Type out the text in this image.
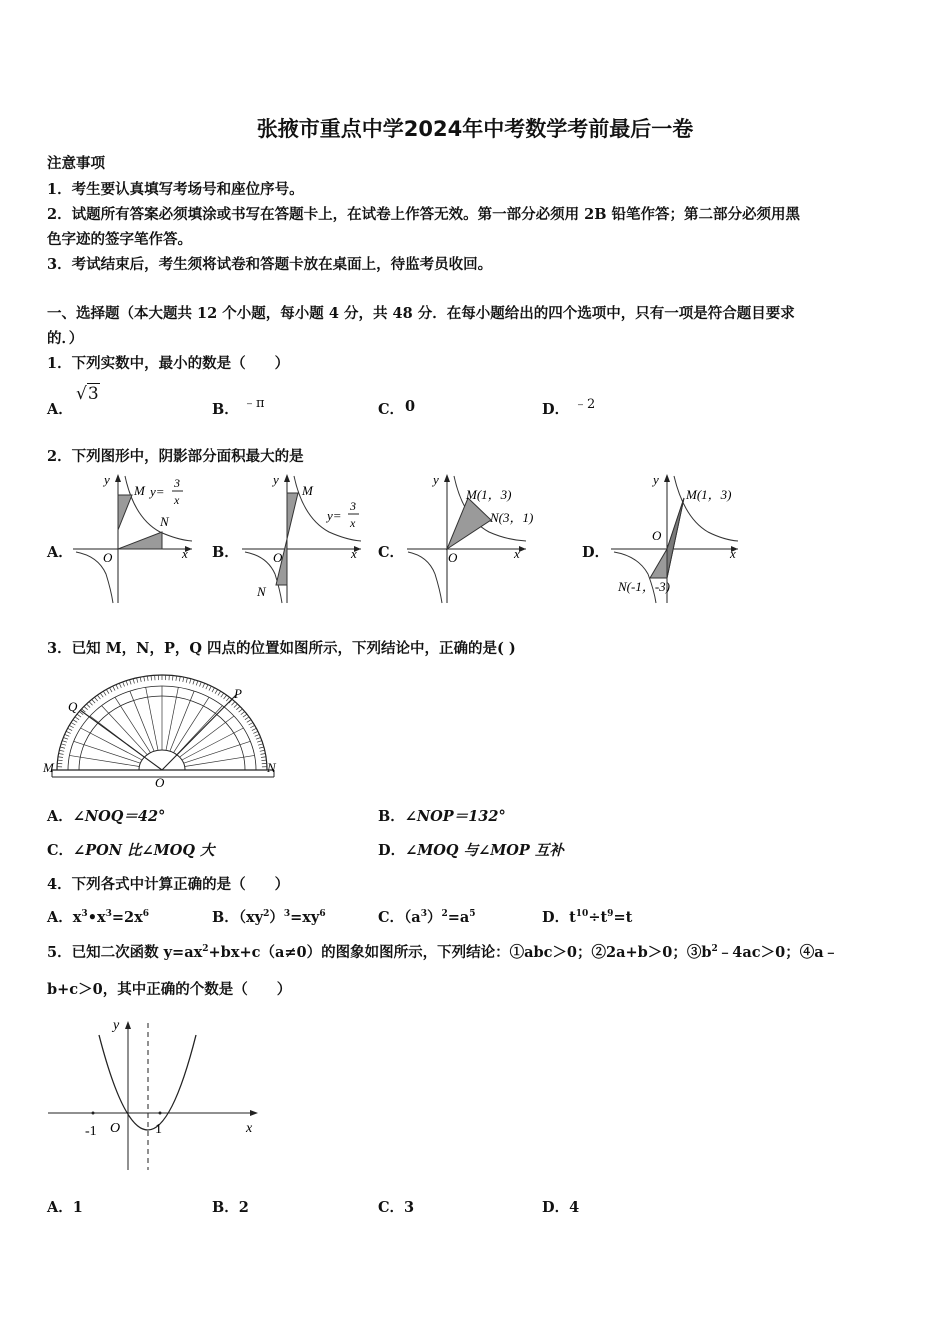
张掖市重点中学2024年中考数学考前最后一卷
注意事项
1．考生要认真填写考场号和座位序号。
2．试题所有答案必须填涂或书写在答题卡上，在试卷上作答无效。第一部分必须用 2B 铅笔作答；第二部分必须用黑
色字迹的签字笔作答。
3．考试结束后，考生须将试卷和答题卡放在桌面上，待监考员收回。
一、选择题（本大题共 12 个小题，每小题 4 分，共 48 分．在每小题给出的四个选项中，只有一项是符合题目要求
的．）
1．下列实数中，最小的数是（　　）
A．
√3
B． ﹣π	C． 0	D． ﹣2
2．下列图形中，阴影部分面积最大的是
A．	B．	C．	D．
y
x
O
M
N
y=
3
x
y
x
O
M
N
y=
3
x
y
x
O
M(1，3)
N(3，1)
y
x
O
M(1，3)
N(-1，-3)
3．已知 M，N，P，Q 四点的位置如图所示，下列结论中，正确的是( )
M	N
P
Q
O
A．∠NOQ＝42°	B．∠NOP＝132°
C．∠PON 比∠MOQ 大	D．∠MOQ 与∠MOP 互补
4．下列各式中计算正确的是（　　）
A．$x^3•x^3=2x^6$	B．$(xy^2)^3=xy^6$	C．$(a^3)^2=a^5$	D．$t^{10}\div t^9=t$
5．已知二次函数 $y=ax^2+bx+c(a\ne 0)$的图象如图所示，下列结论：①abc＞0；②2a+b＞0；$③b^2﹣4ac>0$；④a﹣
b+c＞0，其中正确的个数是（　　）
y
x
O
-1	1
A．1	B．2	C．3	D．4
